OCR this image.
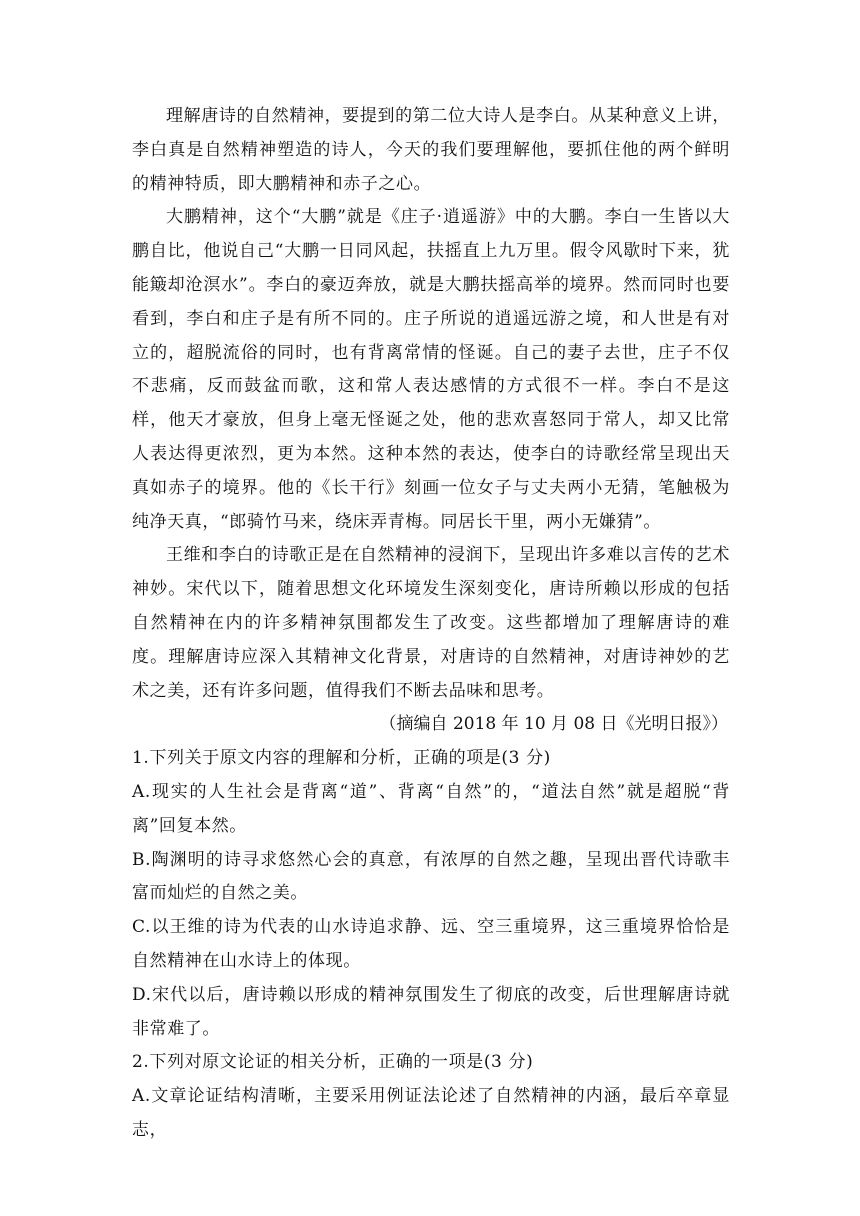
理解唐诗的自然精神，要提到的第二位大诗人是李白。从某种意义上讲，李白真是自然精神塑造的诗人，今天的我们要理解他，要抓住他的两个鲜明的精神特质，即大鹏精神和赤子之心。

大鹏精神，这个“大鹏”就是《庄子·逍遥游》中的大鹏。李白一生皆以大鹏自比，他说自己“大鹏一日同风起，扶摇直上九万里。假令风歇时下来，犹能簸却沧溟水”。李白的豪迈奔放，就是大鹏扶摇高举的境界。然而同时也要看到，李白和庄子是有所不同的。庄子所说的逍遥远游之境，和人世是有对立的，超脱流俗的同时，也有背离常情的怪诞。自己的妻子去世，庄子不仅不悲痛，反而鼓盆而歌，这和常人表达感情的方式很不一样。李白不是这样，他天才豪放，但身上毫无怪诞之处，他的悲欢喜怒同于常人，却又比常人表达得更浓烈，更为本然。这种本然的表达，使李白的诗歌经常呈现出天真如赤子的境界。他的《长干行》刻画一位女子与丈夫两小无猜，笔触极为纯净天真，“郎骑竹马来，绕床弄青梅。同居长干里，两小无嫌猜”。

王维和李白的诗歌正是在自然精神的浸润下，呈现出许多难以言传的艺术神妙。宋代以下，随着思想文化环境发生深刻变化，唐诗所赖以形成的包括自然精神在内的许多精神氛围都发生了改变。这些都增加了理解唐诗的难度。理解唐诗应深入其精神文化背景，对唐诗的自然精神，对唐诗神妙的艺术之美，还有许多问题，值得我们不断去品味和思考。

（摘编自 2018 年 10 月 08 日《光明日报》）

1.下列关于原文内容的理解和分析，正确的项是(3 分)

A.现实的人生社会是背离“道”、背离“自然”的，“道法自然”就是超脱“背离”回复本然。

B.陶渊明的诗寻求悠然心会的真意，有浓厚的自然之趣，呈现出晋代诗歌丰富而灿烂的自然之美。

C.以王维的诗为代表的山水诗追求静、远、空三重境界，这三重境界恰恰是自然精神在山水诗上的体现。

D.宋代以后，唐诗赖以形成的精神氛围发生了彻底的改变，后世理解唐诗就非常难了。

2.下列对原文论证的相关分析，正确的一项是(3 分)

A.文章论证结构清晰，主要采用例证法论述了自然精神的内涵，最后卒章显志，
